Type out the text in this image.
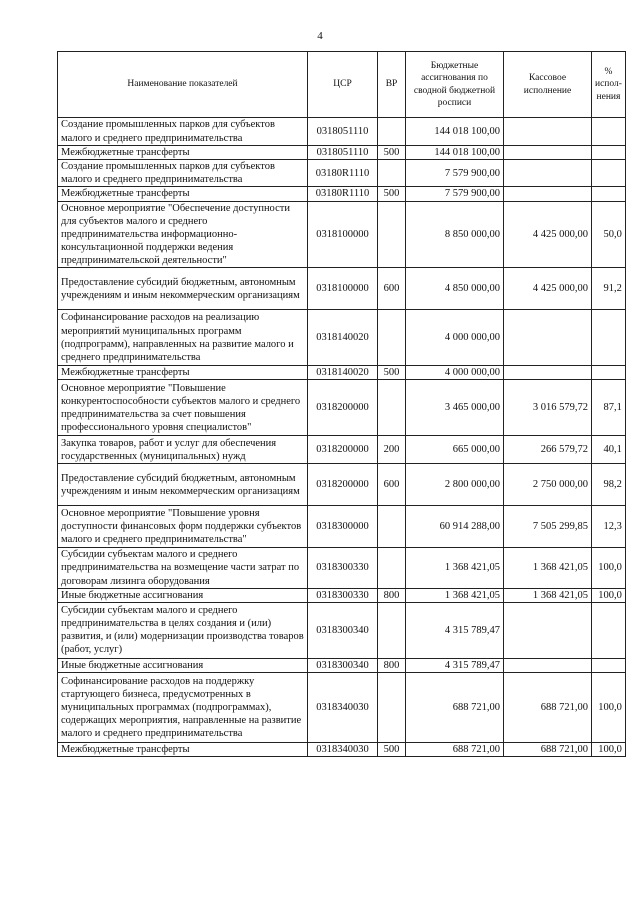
4
Наименование показателей	ЦСР	ВР	Бюджетные ассигнования по сводной бюджетной росписи	Кассовое исполнение	% испол-нения
Создание промышленных парков для субъектов малого и среднего предпринимательства	0318051110		144 018 100,00		
Межбюджетные трансферты	0318051110	500	144 018 100,00		
Создание промышленных парков для субъектов малого и среднего предпринимательства	03180R1110		7 579 900,00		
Межбюджетные трансферты	03180R1110	500	7 579 900,00		
Основное мероприятие "Обеспечение доступности для субъектов малого и среднего предпринимательства информационно-консультационной поддержки ведения предпринимательской деятельности"	0318100000		8 850 000,00	4 425 000,00	50,0
Предоставление субсидий бюджетным, автономным учреждениям и иным некоммерческим организациям	0318100000	600	4 850 000,00	4 425 000,00	91,2
Софинансирование расходов на реализацию мероприятий муниципальных программ (подпрограмм), направленных на развитие малого и среднего предпринимательства	0318140020		4 000 000,00		
Межбюджетные трансферты	0318140020	500	4 000 000,00		
Основное мероприятие "Повышение конкурентоспособности субъектов малого и среднего предпринимательства за счет повышения профессионального уровня специалистов"	0318200000		3 465 000,00	3 016 579,72	87,1
Закупка товаров, работ и услуг для обеспечения государственных (муниципальных) нужд	0318200000	200	665 000,00	266 579,72	40,1
Предоставление субсидий бюджетным, автономным учреждениям и иным некоммерческим организациям	0318200000	600	2 800 000,00	2 750 000,00	98,2
Основное мероприятие "Повышение уровня доступности финансовых форм поддержки субъектов малого и среднего предпринимательства"	0318300000		60 914 288,00	7 505 299,85	12,3
Субсидии субъектам малого и среднего предпринимательства на возмещение части затрат по договорам лизинга оборудования	0318300330		1 368 421,05	1 368 421,05	100,0
Иные бюджетные ассигнования	0318300330	800	1 368 421,05	1 368 421,05	100,0
Субсидии субъектам малого и среднего предпринимательства в целях создания и (или) развития, и (или) модернизации производства товаров (работ, услуг)	0318300340		4 315 789,47		
Иные бюджетные ассигнования	0318300340	800	4 315 789,47		
Софинансирование расходов на поддержку стартующего бизнеса, предусмотренных в муниципальных программах (подпрограммах), содержащих мероприятия, направленные на развитие малого и среднего предпринимательства	0318340030		688 721,00	688 721,00	100,0
Межбюджетные трансферты	0318340030	500	688 721,00	688 721,00	100,0
